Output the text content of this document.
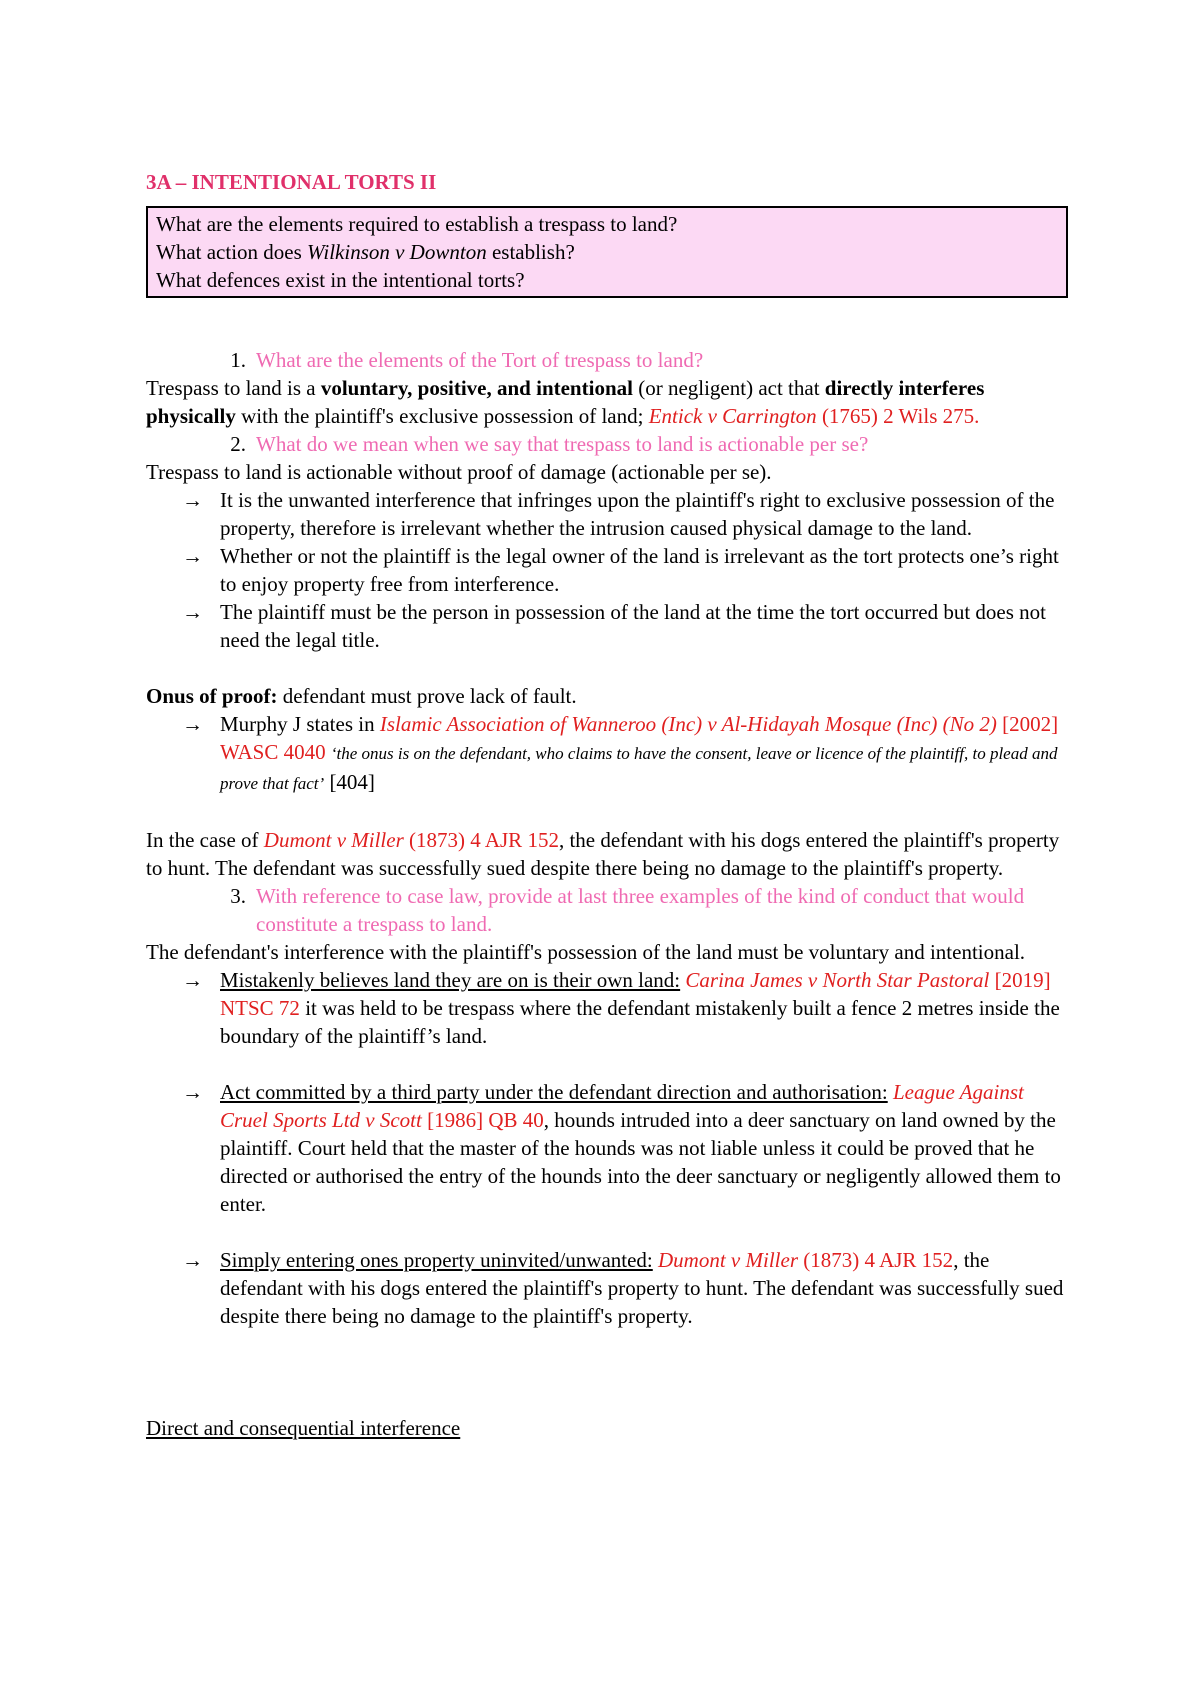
3A – INTENTIONAL TORTS II
What are the elements required to establish a trespass to land?
What action does Wilkinson v Downton establish?
What defences exist in the intentional torts?
1. What are the elements of the Tort of trespass to land?

Trespass to land is a voluntary, positive, and intentional (or negligent) act that directly interferes physically with the plaintiff's exclusive possession of land; Entick v Carrington (1765) 2 Wils 275.

2. What do we mean when we say that trespass to land is actionable per se?

Trespass to land is actionable without proof of damage (actionable per se).

→ It is the unwanted interference that infringes upon the plaintiff's right to exclusive possession of the property, therefore is irrelevant whether the intrusion caused physical damage to the land.
→ Whether or not the plaintiff is the legal owner of the land is irrelevant as the tort protects one’s right to enjoy property free from interference.
→ The plaintiff must be the person in possession of the land at the time the tort occurred but does not need the legal title.

Onus of proof: defendant must prove lack of fault.

→ Murphy J states in Islamic Association of Wanneroo (Inc) v Al-Hidayah Mosque (Inc) (No 2) [2002] WASC 4040 ‘the onus is on the defendant, who claims to have the consent, leave or licence of the plaintiff, to plead and prove that fact’ [404]

In the case of Dumont v Miller (1873) 4 AJR 152, the defendant with his dogs entered the plaintiff's property to hunt. The defendant was successfully sued despite there being no damage to the plaintiff's property.

3. With reference to case law, provide at last three examples of the kind of conduct that would constitute a trespass to land.

The defendant's interference with the plaintiff's possession of the land must be voluntary and intentional.

→ Mistakenly believes land they are on is their own land: Carina James v North Star Pastoral [2019] NTSC 72 it was held to be trespass where the defendant mistakenly built a fence 2 metres inside the boundary of the plaintiff’s land.
→ Act committed by a third party under the defendant direction and authorisation: League Against Cruel Sports Ltd v Scott [1986] QB 40, hounds intruded into a deer sanctuary on land owned by the plaintiff. Court held that the master of the hounds was not liable unless it could be proved that he directed or authorised the entry of the hounds into the deer sanctuary or negligently allowed them to enter.
→ Simply entering ones property uninvited/unwanted: Dumont v Miller (1873) 4 AJR 152, the defendant with his dogs entered the plaintiff's property to hunt. The defendant was successfully sued despite there being no damage to the plaintiff's property.

Direct and consequential interference
